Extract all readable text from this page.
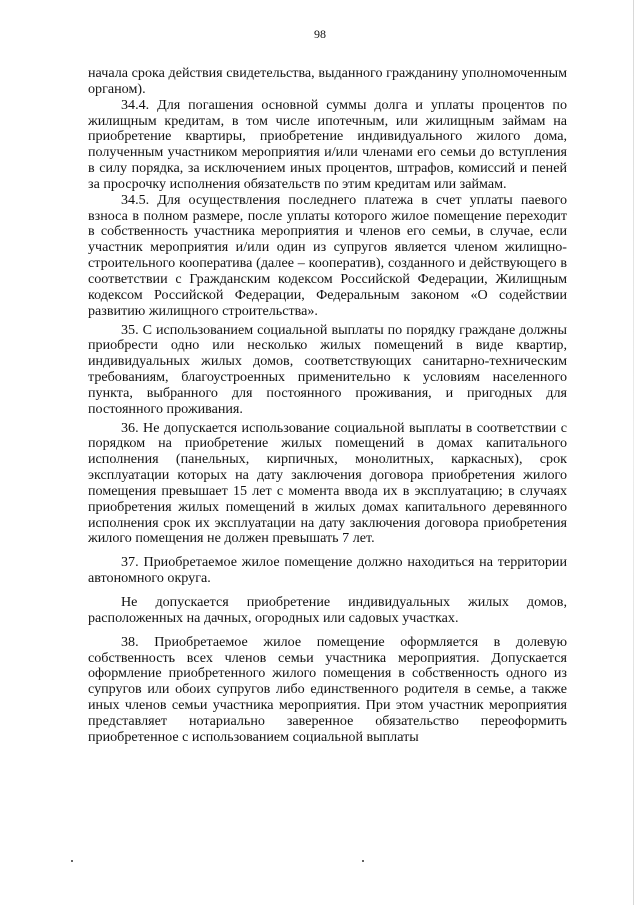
98

начала срока действия свидетельства, выданного гражданину уполномоченным органом).

34.4. Для погашения основной суммы долга и уплаты процентов по жилищным кредитам, в том числе ипотечным, или жилищным займам на приобретение квартиры, приобретение индивидуального жилого дома, полученным участником мероприятия и/или членами его семьи до вступления в силу порядка, за исключением иных процентов, штрафов, комиссий и пеней за просрочку исполнения обязательств по этим кредитам или займам.

34.5. Для осуществления последнего платежа в счет уплаты паевого взноса в полном размере, после уплаты которого жилое помещение переходит в собственность участника мероприятия и членов его семьи, в случае, если участник мероприятия и/или один из супругов является членом жилищно-строительного кооператива (далее – кооператив), созданного и действующего в соответствии с Гражданским кодексом Российской Федерации, Жилищным кодексом Российской Федерации, Федеральным законом «О содействии развитию жилищного строительства».

35. С использованием социальной выплаты по порядку граждане должны приобрести одно или несколько жилых помещений в виде квартир, индивидуальных жилых домов, соответствующих санитарно-техническим требованиям, благоустроенных применительно к условиям населенного пункта, выбранного для постоянного проживания, и пригодных для постоянного проживания.

36. Не допускается использование социальной выплаты в соответствии с порядком на приобретение жилых помещений в домах капитального исполнения (панельных, кирпичных, монолитных, каркасных), срок эксплуатации которых на дату заключения договора приобретения жилого помещения превышает 15 лет с момента ввода их в эксплуатацию; в случаях приобретения жилых помещений в жилых домах капитального деревянного исполнения срок их эксплуатации на дату заключения договора приобретения жилого помещения не должен превышать 7 лет.

37. Приобретаемое жилое помещение должно находиться на территории автономного округа.

Не допускается приобретение индивидуальных жилых домов, расположенных на дачных, огородных или садовых участках.

38. Приобретаемое жилое помещение оформляется в долевую собственность всех членов семьи участника мероприятия. Допускается оформление приобретенного жилого помещения в собственность одного из супругов или обоих супругов либо единственного родителя в семье, а также иных членов семьи участника мероприятия. При этом участник мероприятия представляет нотариально заверенное обязательство переоформить приобретенное с использованием социальной выплаты
